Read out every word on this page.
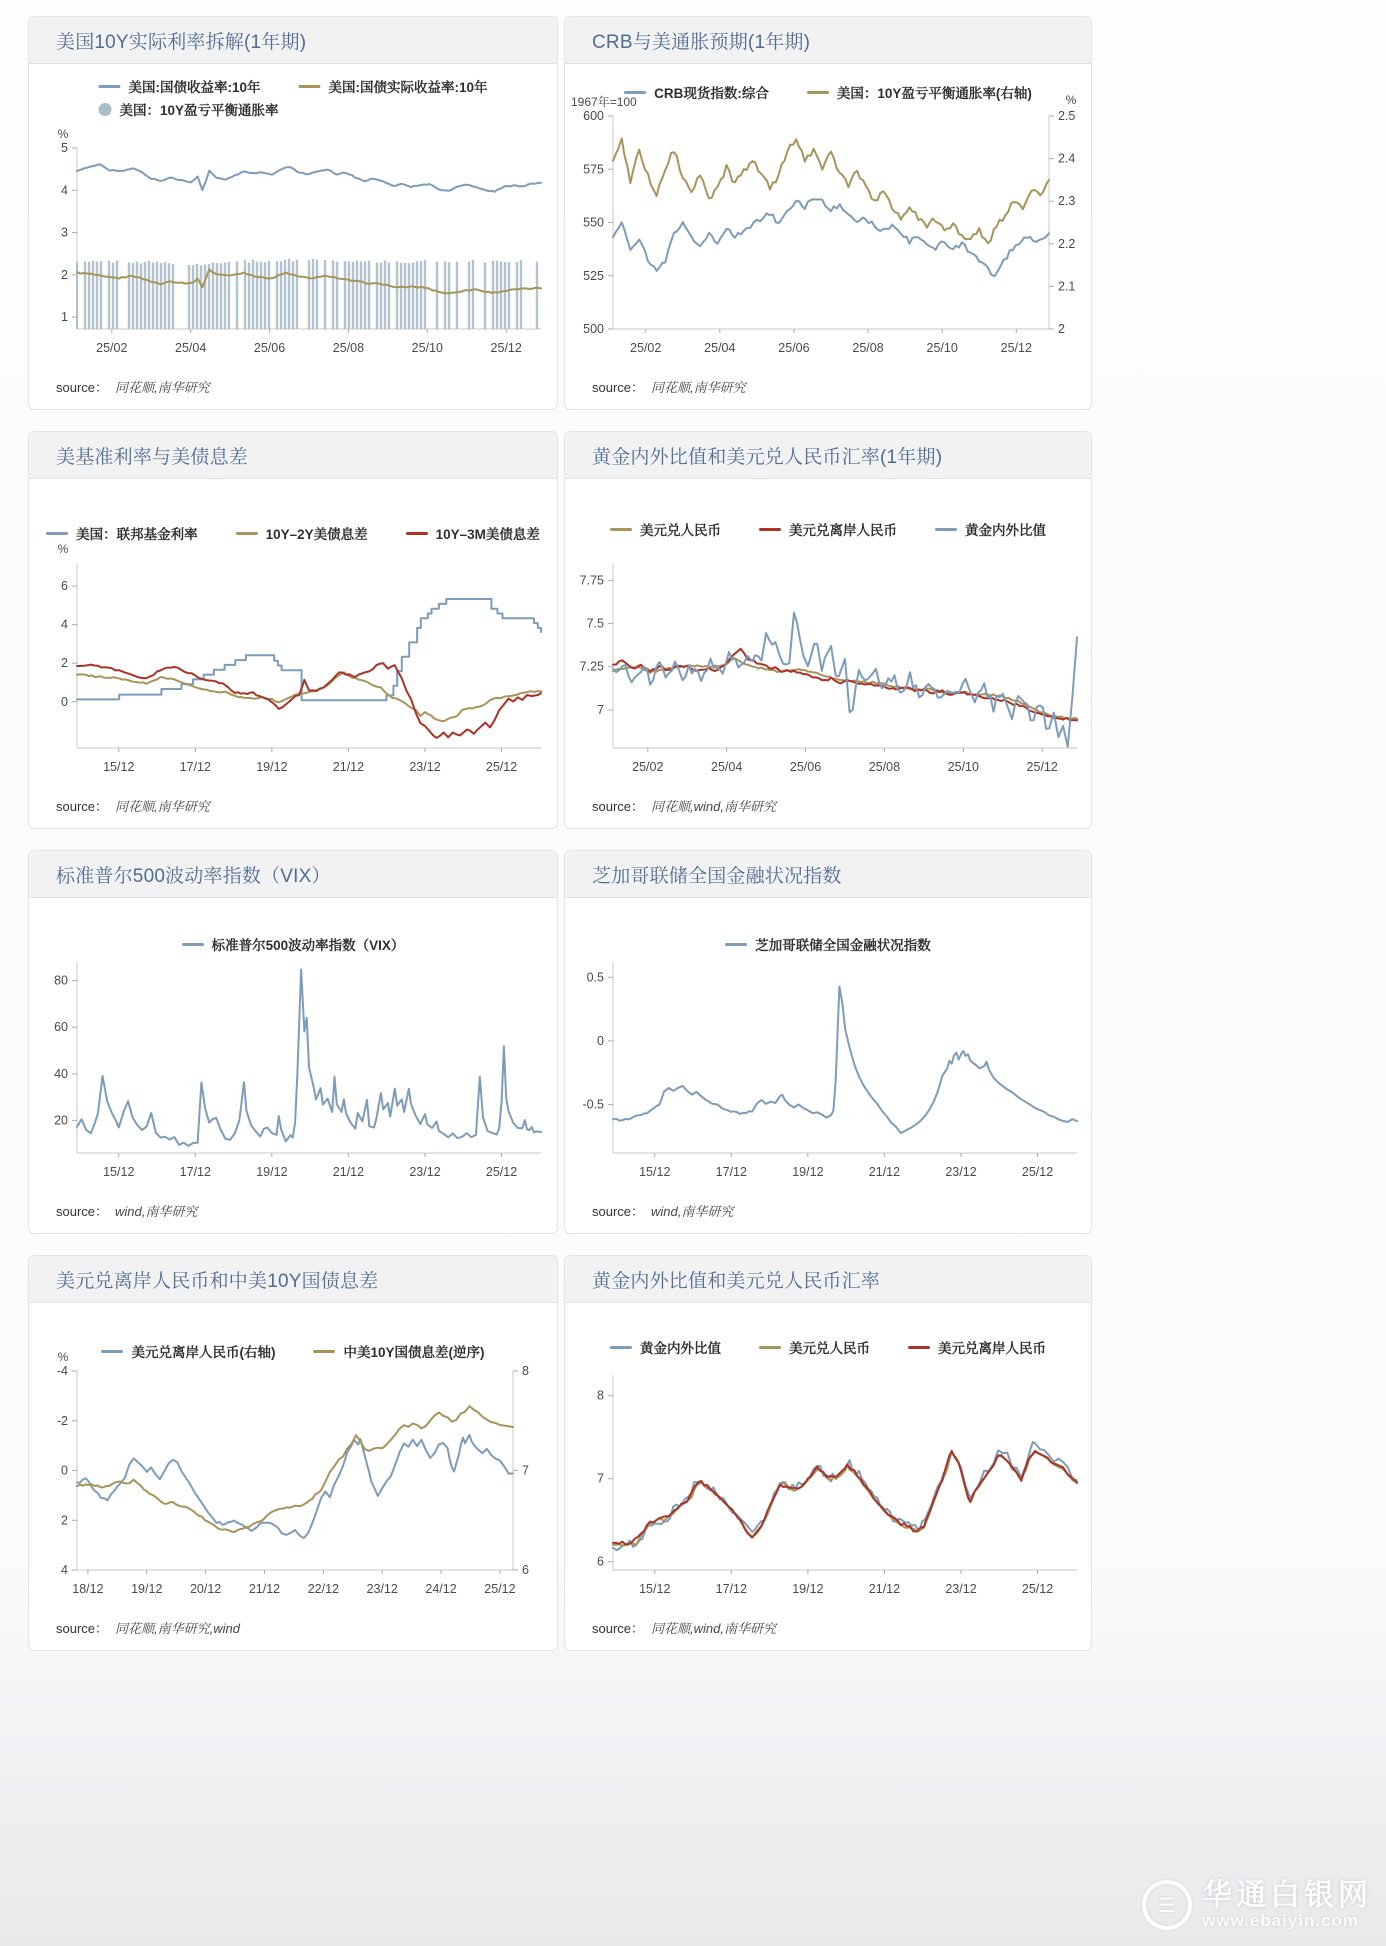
美国10Y实际利率拆解(1年期)
美国:国债收益率:10年	美国:国债实际收益率:10年
美国：10Y盈亏平衡通胀率
5
4
3
2
1
%
25/02	25/04	25/06	25/08	25/10	25/12
source： 同花顺,南华研究
CRB与美通胀预期(1年期)
CRB现货指数:综合	美国：10Y盈亏平衡通胀率(右轴)
600
575
550
525
500
1967年=100
2.5
2.4
2.3
2.2
2.1
2
%
25/02	25/04	25/06	25/08	25/10	25/12
source： 同花顺,南华研究
美基准利率与美债息差
美国：联邦基金利率	10Y–2Y美债息差	10Y–3M美债息差
6
4
2
0
%
15/12	17/12	19/12	21/12	23/12	25/12
source： 同花顺,南华研究
黄金内外比值和美元兑人民币汇率(1年期)
美元兑人民币	美元兑离岸人民币	黄金内外比值
7.75
7.5
7.25
7
25/02	25/04	25/06	25/08	25/10	25/12
source： 同花顺,wind,南华研究
标准普尔500波动率指数（VIX）
标准普尔500波动率指数（VIX）
80
60
40
20
15/12	17/12	19/12	21/12	23/12	25/12
source： wind,南华研究
芝加哥联储全国金融状况指数
芝加哥联储全国金融状况指数
0.5
0
-0.5
15/12	17/12	19/12	21/12	23/12	25/12
source： wind,南华研究
美元兑离岸人民币和中美10Y国债息差
美元兑离岸人民币(右轴)	中美10Y国债息差(逆序)
-4
-2
0
2
4
%
8
7
6
18/12 19/12 20/12 21/12 22/12 23/12 24/12 25/12
source： 同花顺,南华研究,wind
黄金内外比值和美元兑人民币汇率
黄金内外比值	美元兑人民币	美元兑离岸人民币
8
7
6
15/12	17/12	19/12	21/12	23/12	25/12
source： 同花顺,wind,南华研究
☰ 华通白银网
www.ebaiyin.com
